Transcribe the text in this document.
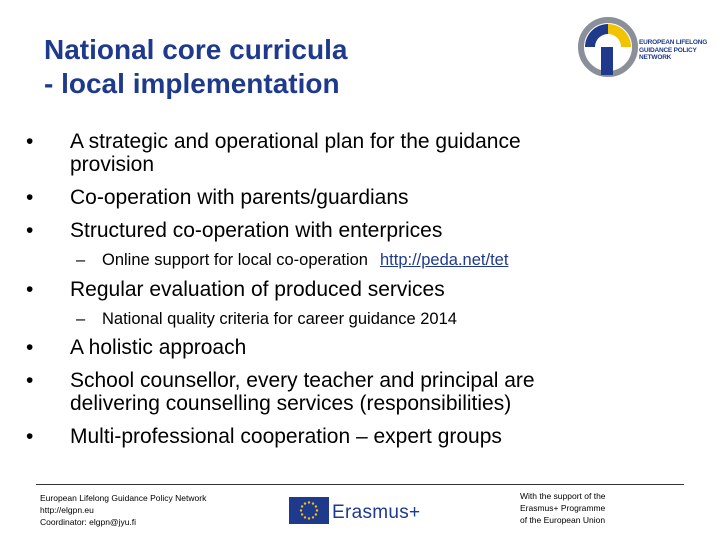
National core curricula
- local implementation
EUROPEAN LIFELONG
GUIDANCE POLICY
NETWORK
• A strategic and operational plan for the guidance
provision
• Co-operation with parents/guardians
• Structured co-operation with enterprices
– Online support for local co-operation http://peda.net/tet
• Regular evaluation of produced services
– National quality criteria for career guidance 2014
• A holistic approach
• School counsellor, every teacher and principal are
delivering counselling services (responsibilities)
• Multi-professional cooperation – expert groups
European Lifelong Guidance Policy Network
http://elgpn.eu
Coordinator: elgpn@jyu.fi	Erasmus+
With the support of the
Erasmus+ Programme
of the European Union
